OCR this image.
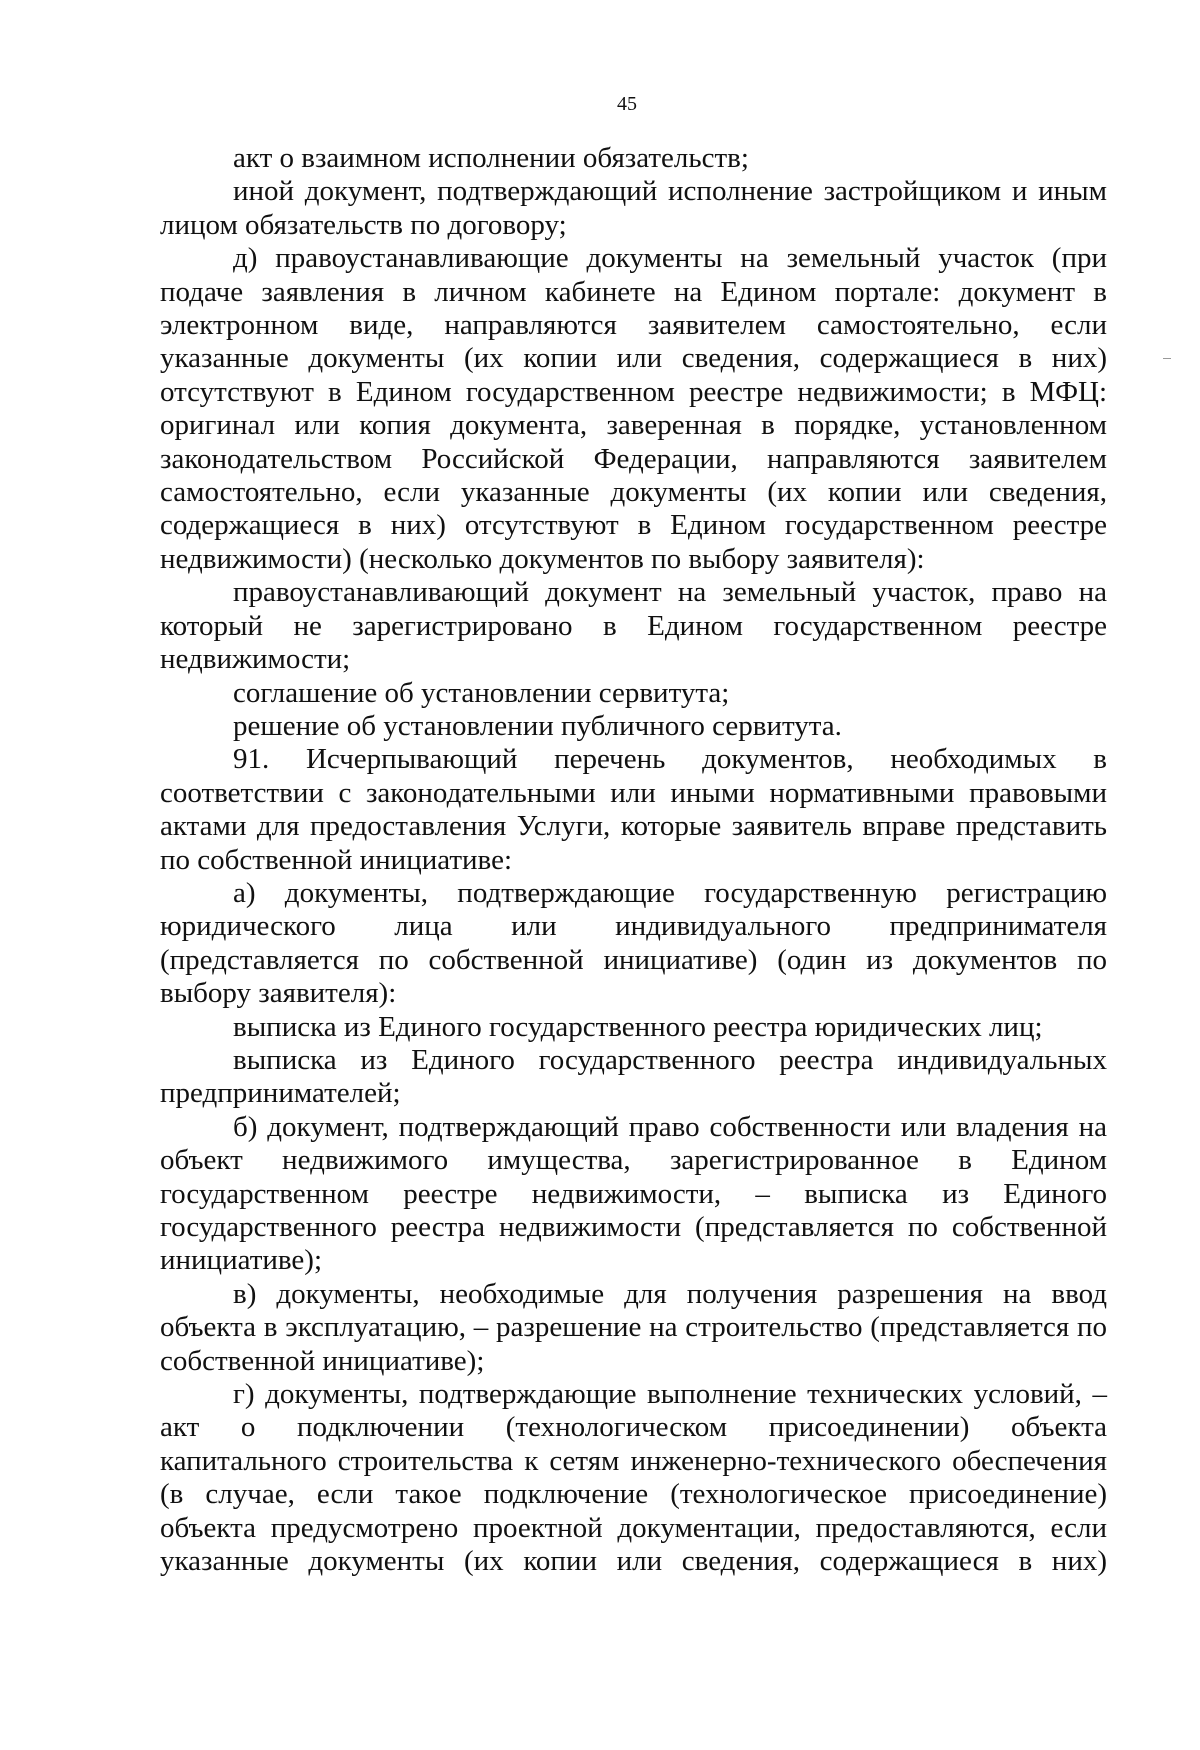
45

акт о взаимном исполнении обязательств;

иной документ, подтверждающий исполнение застройщиком и иным лицом обязательств по договору;

д) правоустанавливающие документы на земельный участок (при подаче заявления в личном кабинете на Едином портале: документ в электронном виде, направляются заявителем самостоятельно, если указанные документы (их копии или сведения, содержащиеся в них) отсутствуют в Едином государственном реестре недвижимости; в МФЦ: оригинал или копия документа, заверенная в порядке, установленном законодательством Российской Федерации, направляются заявителем самостоятельно, если указанные документы (их копии или сведения, содержащиеся в них) отсутствуют в Едином государственном реестре недвижимости) (несколько документов по выбору заявителя):

правоустанавливающий документ на земельный участок, право на который не зарегистрировано в Едином государственном реестре недвижимости;

соглашение об установлении сервитута;

решение об установлении публичного сервитута.

91. Исчерпывающий перечень документов, необходимых в соответствии с законодательными или иными нормативными правовыми актами для предоставления Услуги, которые заявитель вправе представить по собственной инициативе:

а) документы, подтверждающие государственную регистрацию юридического лица или индивидуального предпринимателя (представляется по собственной инициативе) (один из документов по выбору заявителя):

выписка из Единого государственного реестра юридических лиц;

выписка из Единого государственного реестра индивидуальных предпринимателей;

б) документ, подтверждающий право собственности или владения на объект недвижимого имущества, зарегистрированное в Едином государственном реестре недвижимости, – выписка из Единого государственного реестра недвижимости (представляется по собственной инициативе);

в) документы, необходимые для получения разрешения на ввод объекта в эксплуатацию, – разрешение на строительство (представляется по собственной инициативе);

г) документы, подтверждающие выполнение технических условий, – акт о подключении (технологическом присоединении) объекта капитального строительства к сетям инженерно-технического обеспечения (в случае, если такое подключение (технологическое присоединение) объекта предусмотрено проектной документации, предоставляются, если указанные документы (их копии или сведения, содержащиеся в них)
